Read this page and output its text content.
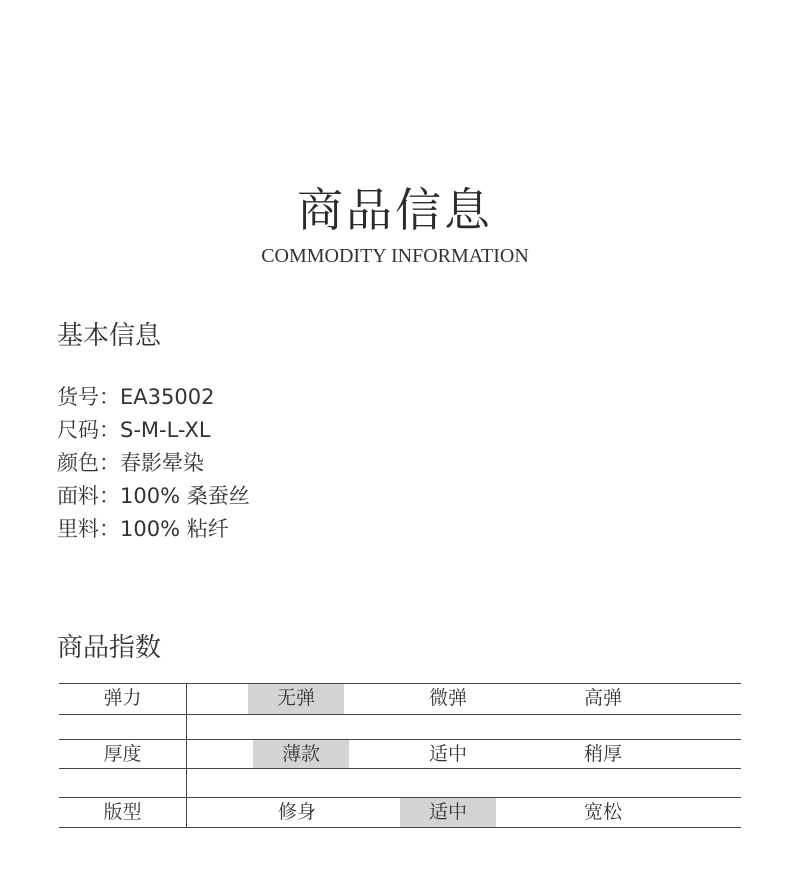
商品信息
COMMODITY INFORMATION
基本信息
货号：EA35002
尺码：S-M-L-XL
颜色：春影晕染
面料：100% 桑蚕丝
里料：100% 粘纤
商品指数
弹力	无弹	微弹	高弹
厚度	薄款	适中	稍厚
版型	修身	适中	宽松
